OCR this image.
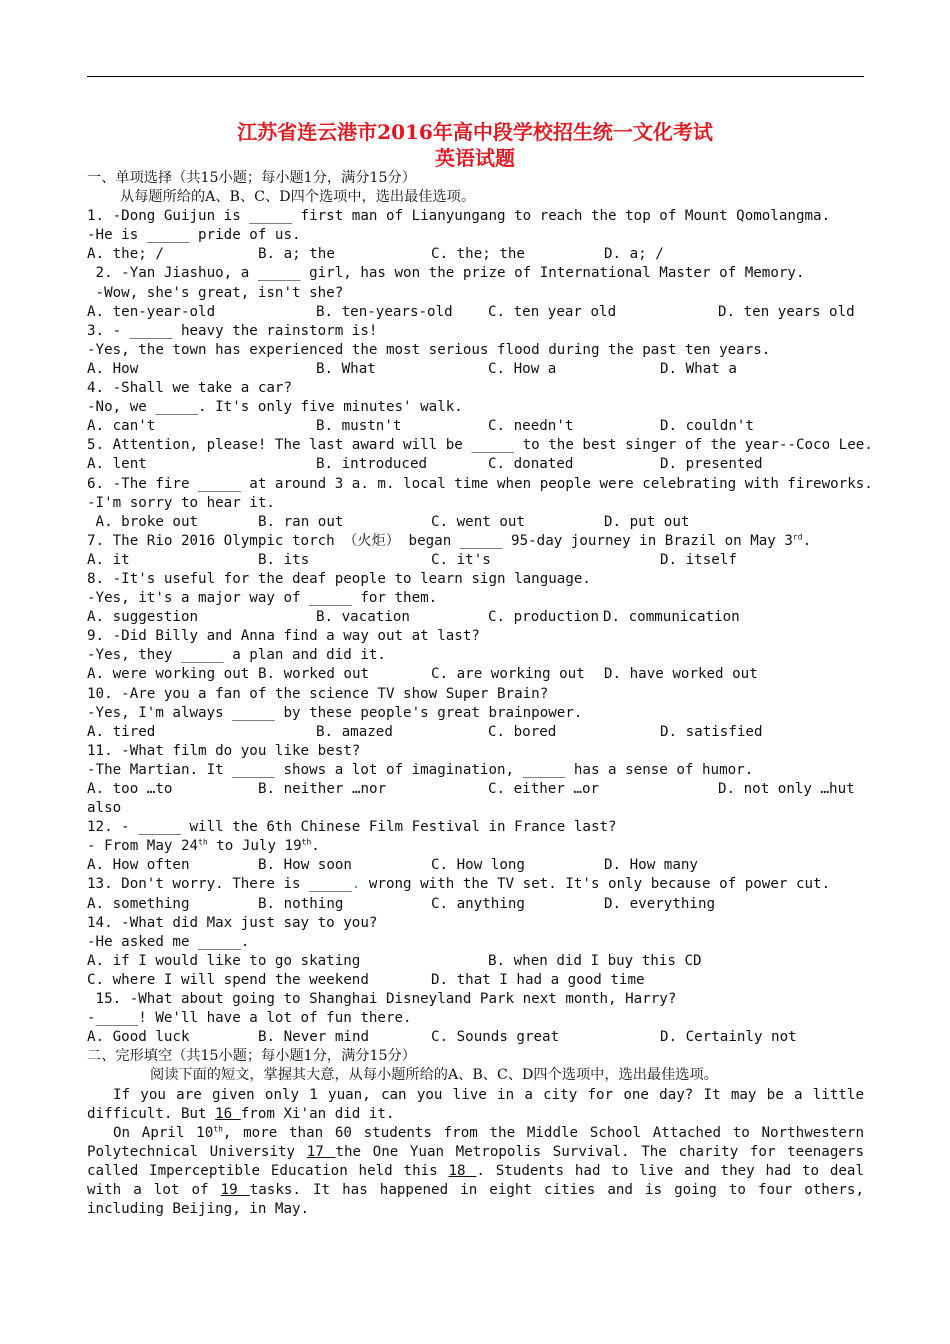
江苏省连云港市2016年高中段学校招生统一文化考试
英语试题
一、单项选择（共15小题；每小题1分，满分15分）
从每题所给的A、B、C、D四个选项中，选出最佳选项。
1. -Dong Guijun is _____ first man of Lianyungang to reach the top of Mount Qomolangma.
-He is _____ pride of us.
A. the; /	B. a; the	C. the; the	D. a; /
2. -Yan Jiashuo, a _____ girl, has won the prize of International Master of Memory.
-Wow, she's great, isn't she?
A. ten-year-old	B. ten-years-old	C. ten year old	D. ten years old
3. - _____ heavy the rainstorm is!
-Yes, the town has experienced the most serious flood during the past ten years.
A. How	B. What	C. How a	D. What a
4. -Shall we take a car?
-No, we _____. It's only five minutes' walk.
A. can't	B. mustn't	C. needn't	D. couldn't
5. Attention, please! The last award will be _____ to the best singer of the year--Coco Lee.
A. lent	B. introduced	C. donated	D. presented
6. -The fire _____ at around 3 a. m. local time when people were celebrating with fireworks.
-I'm sorry to hear it.
A. broke out	B. ran out	C. went out	D. put out
7. The Rio 2016 Olympic torch （火炬） began _____ 95-day journey in Brazil on May 3rd.
A. it	B. its	C. it's	D. itself
8. -It's useful for the deaf people to learn sign language.
-Yes, it's a major way of _____ for them.
A. suggestion	B. vacation	C. production D. communication
9. -Did Billy and Anna find a way out at last?
-Yes, they _____ a plan and did it.
A. were working out B. worked out	C. are working out	D. have worked out
10. -Are you a fan of the science TV show Super Brain?
-Yes, I'm always _____ by these people's great brainpower.
A. tired	B. amazed	C. bored	D. satisfied
11. -What film do you like best?
-The Martian. It _____ shows a lot of imagination, _____ has a sense of humor.
A. too …to	B. neither …nor	C. either …or	D. not only …hut
also
12. - _____ will the 6th Chinese Film Festival in France last?
- From May 24th to July 19th.
A. How often	B. How soon	C. How long	D. How many
13. Don't worry. There is _____. wrong with the TV set. It's only because of power cut.
A. something	B. nothing	C. anything	D. everything
14. -What did Max just say to you?
-He asked me _____.
A. if I would like to go skating	B. when did I buy this CD
C. where I will spend the weekend	D. that I had a good time
15. -What about going to Shanghai Disneyland Park next month, Harry?
-_____! We'll have a lot of fun there.
A. Good luck	B. Never mind	C. Sounds great	D. Certainly not
二、完形填空（共15小题；每小题1分，满分15分）
阅读下面的短文，掌握其大意，从每小题所给的A、B、C、D四个选项中，选出最佳选项。
If you are given only 1 yuan, can you live in a city for one day? It may be a little difficult. But 16 from Xi'an did it.
On April 10th, more than 60 students from the Middle School Attached to Northwestern Polytechnical University 17 the One Yuan Metropolis Survival. The charity for teenagers called Imperceptible Education held this 18 . Students had to live and they had to deal with a lot of 19 tasks. It has happened in eight cities and is going to four others, including Beijing, in May.
